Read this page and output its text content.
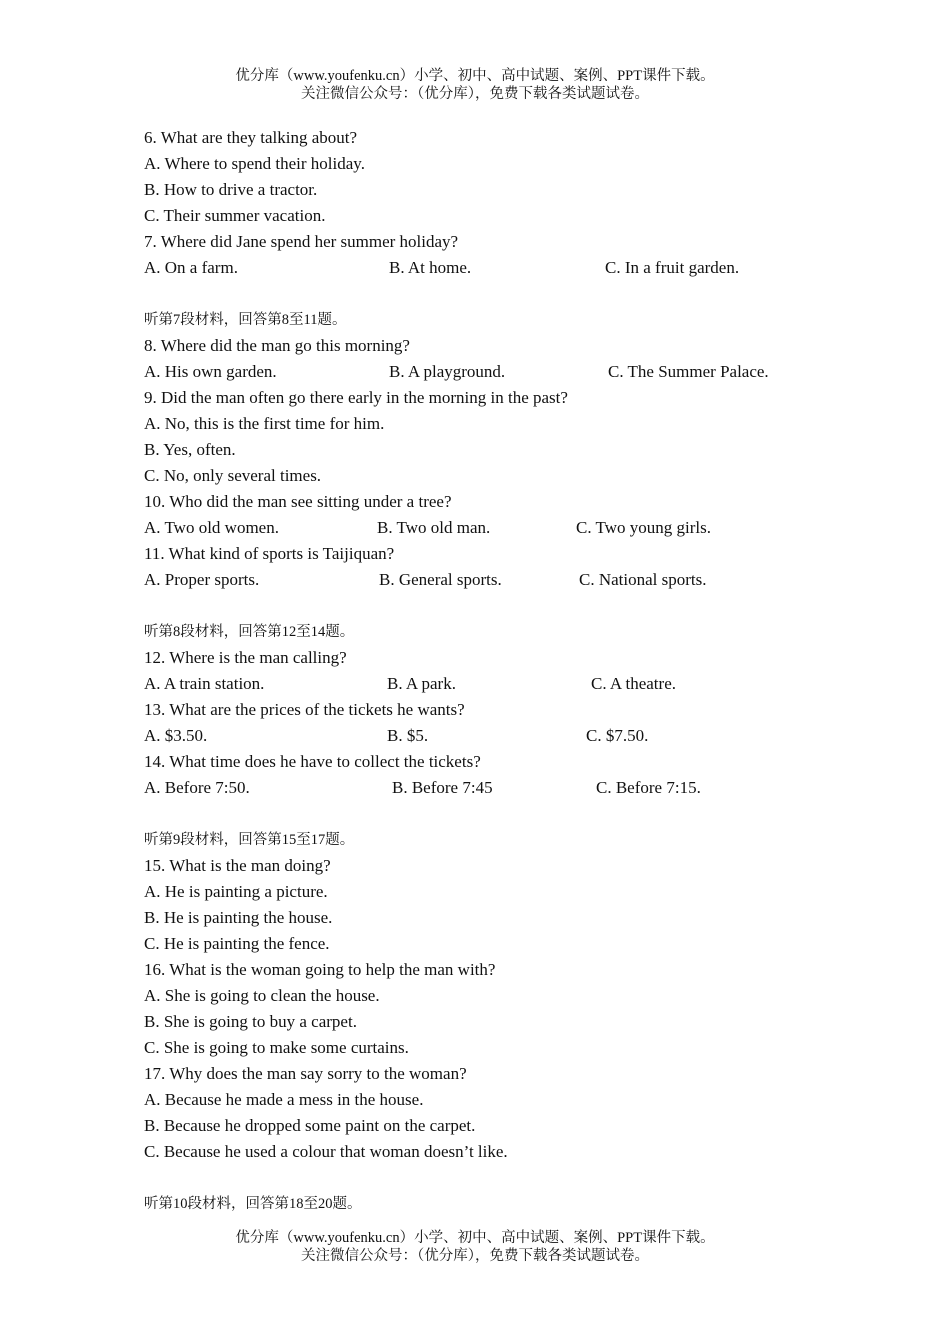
优分库（www.youfenku.cn）小学、初中、高中试题、案例、PPT课件下载。
关注微信公众号：（优分库），免费下载各类试题试卷。
6. What are they talking about?
A. Where to spend their holiday.
B. How to drive a tractor.
C. Their summer vacation.
7. Where did Jane spend her summer holiday?
A. On a farm.	B. At home.	C. In a fruit garden.
听第7段材料，回答第8至11题。
8. Where did the man go this morning?
A. His own garden.	B. A playground.	C. The Summer Palace.
9. Did the man often go there early in the morning in the past?
A. No, this is the first time for him.
B. Yes, often.
C. No, only several times.
10. Who did the man see sitting under a tree?
A. Two old women.	B. Two old man.	C. Two young girls.
11. What kind of sports is Taijiquan?
A. Proper sports.	B. General sports.	C. National sports.
听第8段材料，回答第12至14题。
12. Where is the man calling?
A. A train station.	B. A park.	C. A theatre.
13. What are the prices of the tickets he wants?
A. $3.50.	B. $5.	C. $7.50.
14. What time does he have to collect the tickets?
A. Before 7:50.	B. Before 7:45	C. Before 7:15.
听第9段材料，回答第15至17题。
15. What is the man doing?
A. He is painting a picture.
B. He is painting the house.
C. He is painting the fence.
16. What is the woman going to help the man with?
A. She is going to clean the house.
B. She is going to buy a carpet.
C. She is going to make some curtains.
17. Why does the man say sorry to the woman?
A. Because he made a mess in the house.
B. Because he dropped some paint on the carpet.
C. Because he used a colour that woman doesn’t like.
听第10段材料，回答第18至20题。
优分库（www.youfenku.cn）小学、初中、高中试题、案例、PPT课件下载。
关注微信公众号：（优分库），免费下载各类试题试卷。
